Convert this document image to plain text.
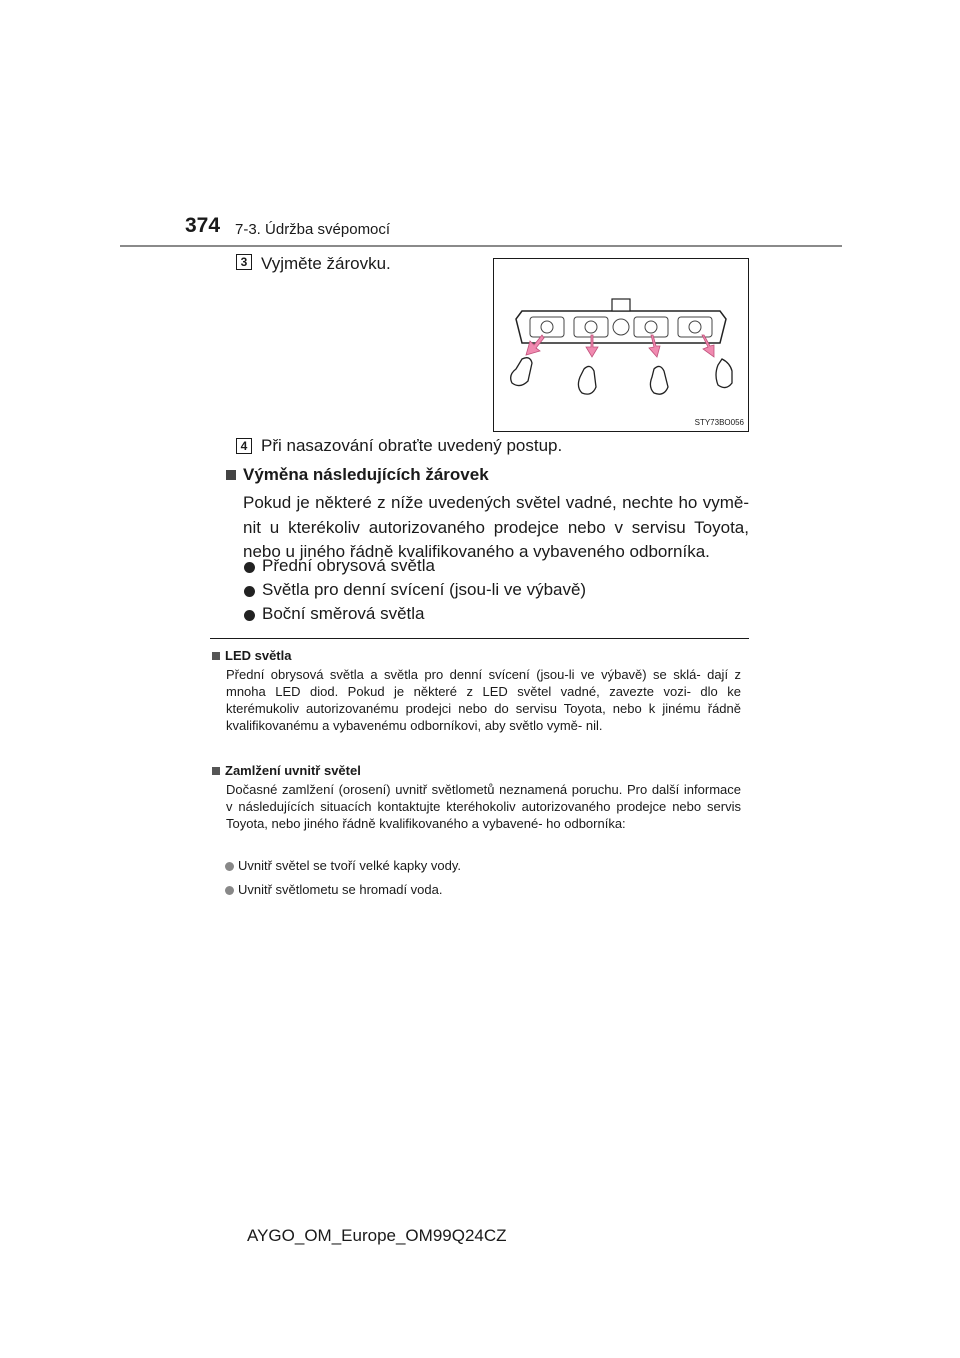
374 7-3. Údržba svépomocí
3 Vyjměte žárovku.
STY73BO056
4 Při nasazování obraťte uvedený postup.
Výměna následujících žárovek

Pokud je některé z níže uvedených světel vadné, nechte ho vymě- nit u kterékoliv autorizovaného prodejce nebo v servisu Toyota, nebo u jiného řádně kvalifikovaného a vybaveného odborníka.

Přední obrysová světla
Světla pro denní svícení (jsou-li ve výbavě)
Boční směrová světla
LED světla
Přední obrysová světla a světla pro denní svícení (jsou-li ve výbavě) se sklá- dají z mnoha LED diod. Pokud je některé z LED světel vadné, zavezte vozi- dlo ke kterémukoliv autorizovanému prodejci nebo do servisu Toyota, nebo k jinému řádně kvalifikovanému a vybavenému odborníkovi, aby světlo vymě- nil.
Zamlžení uvnitř světel
Dočasné zamlžení (orosení) uvnitř světlometů neznamená poruchu. Pro další informace v následujících situacích kontaktujte kteréhokoliv autorizovaného prodejce nebo servis Toyota, nebo jiného řádně kvalifikovaného a vybavené- ho odborníka:
Uvnitř světel se tvoří velké kapky vody.
Uvnitř světlometu se hromadí voda.
AYGO_OM_Europe_OM99Q24CZ
